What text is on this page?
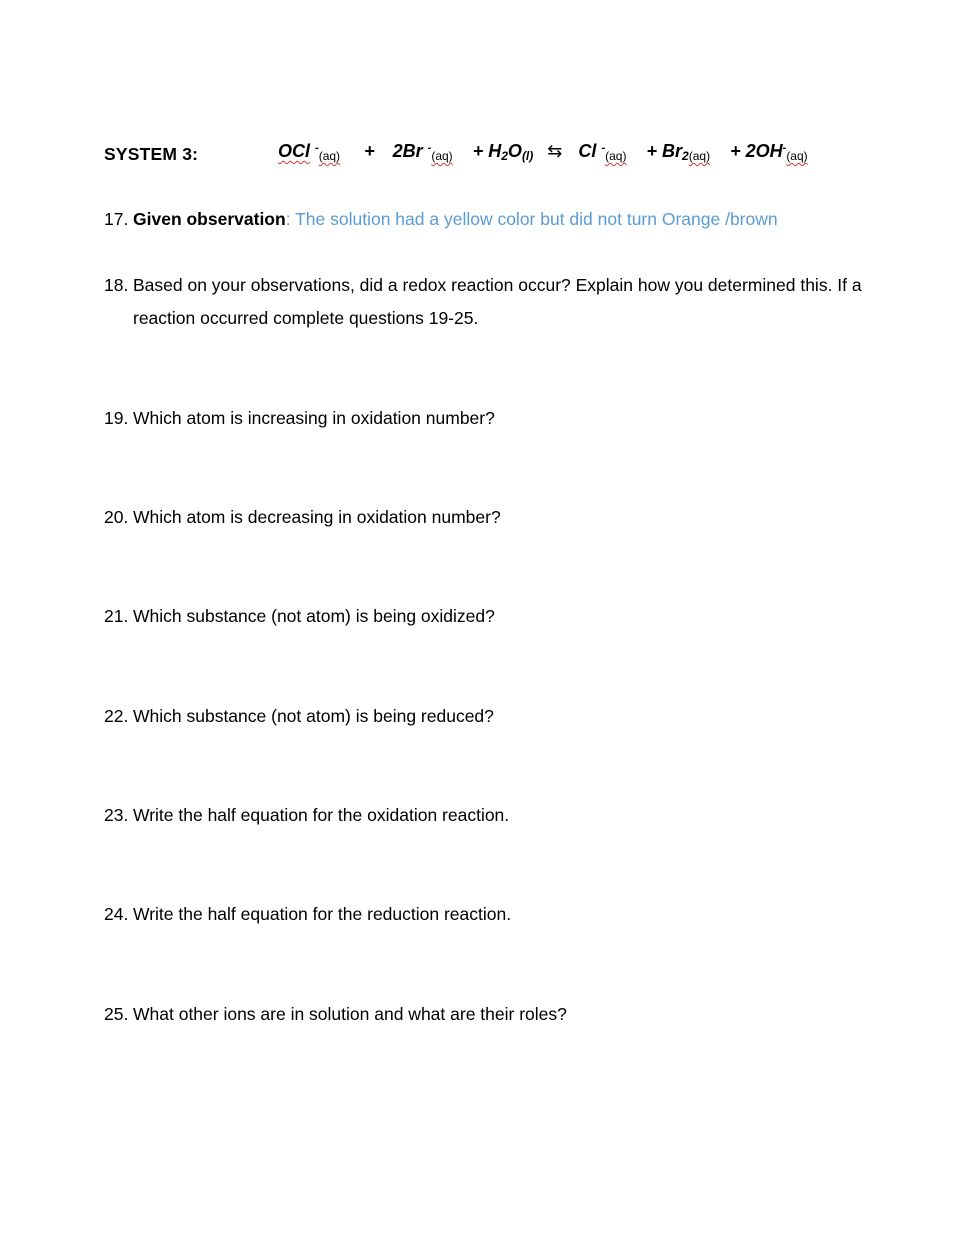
SYSTEM 3:	OCl -(aq) + 2Br $^-(aq) + H_2O(l)$ ⇆ Cl $^-(aq) + Br_2(aq) + 2OH^-(aq)$
17. Given observation: The solution had a yellow color but did not turn Orange /brown
18. Based on your observations, did a redox reaction occur? Explain how you determined this. If a reaction occurred complete questions 19-25.
19. Which atom is increasing in oxidation number?
20. Which atom is decreasing in oxidation number?
21. Which substance (not atom) is being oxidized?
22. Which substance (not atom) is being reduced?
23. Write the half equation for the oxidation reaction.
24. Write the half equation for the reduction reaction.
25. What other ions are in solution and what are their roles?
